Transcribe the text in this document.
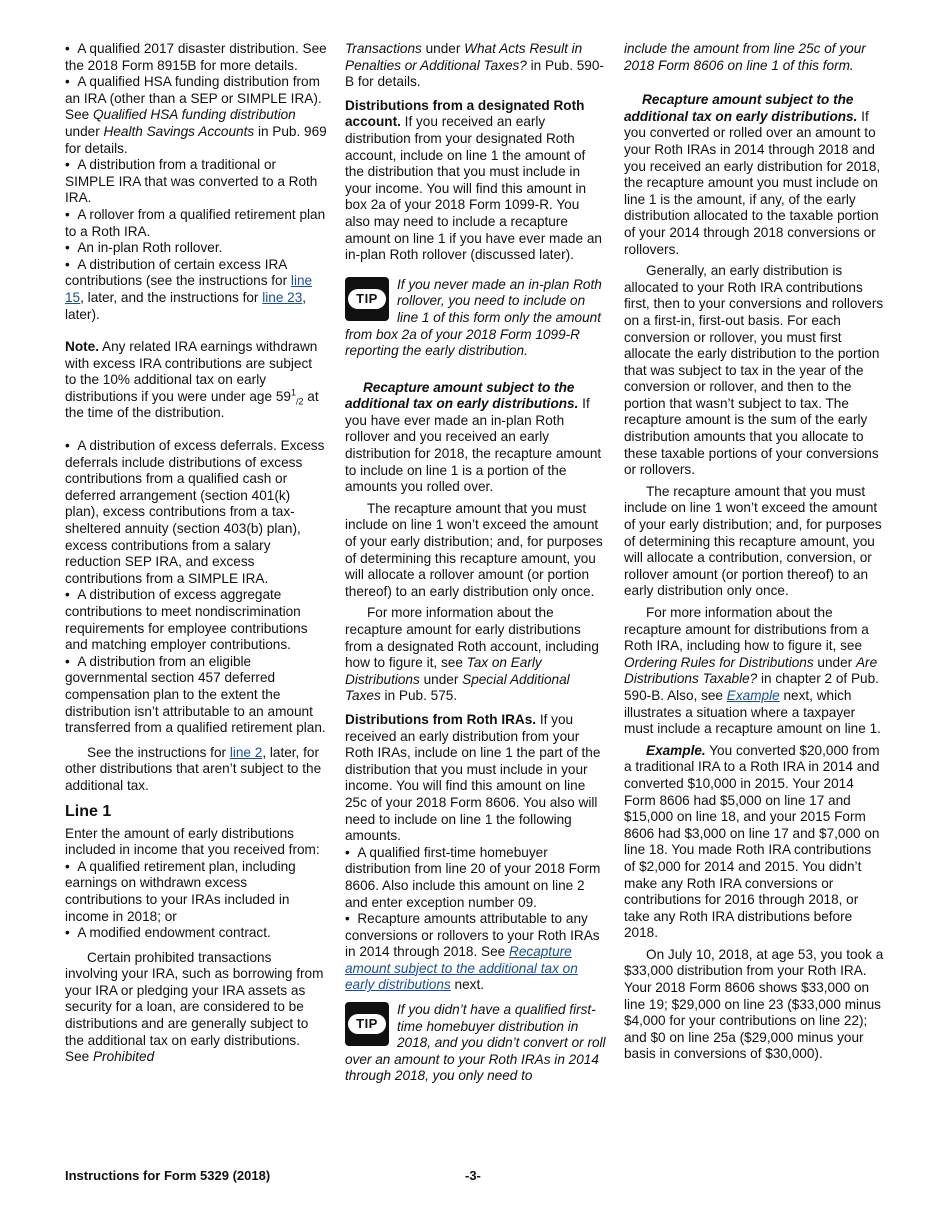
•  A qualified 2017 disaster distribution. See the 2018 Form 8915B for more details.

•  A qualified HSA funding distribution from an IRA (other than a SEP or SIMPLE IRA). See Qualified HSA funding distribution under Health Savings Accounts in Pub. 969 for details.

•  A distribution from a traditional or SIMPLE IRA that was converted to a Roth IRA.

•  A rollover from a qualified retirement plan to a Roth IRA.

•  An in-plan Roth rollover.

•  A distribution of certain excess IRA contributions (see the instructions for line 15, later, and the instructions for line 23, later).

Note. Any related IRA earnings withdrawn with excess IRA contributions are subject to the 10% additional tax on early distributions if you were under age $59^1_{/2}$ at the time of the distribution.

•  A distribution of excess deferrals. Excess deferrals include distributions of excess contributions from a qualified cash or deferred arrangement (section 401(k) plan), excess contributions from a tax-sheltered annuity (section 403(b) plan), excess contributions from a salary reduction SEP IRA, and excess contributions from a SIMPLE IRA.

•  A distribution of excess aggregate contributions to meet nondiscrimination requirements for employee contributions and matching employer contributions.

•  A distribution from an eligible governmental section 457 deferred compensation plan to the extent the distribution isn’t attributable to an amount transferred from a qualified retirement plan.

See the instructions for line 2, later, for other distributions that aren’t subject to the additional tax.

Line 1

Enter the amount of early distributions included in income that you received from:

•  A qualified retirement plan, including earnings on withdrawn excess contributions to your IRAs included in income in 2018; or

•  A modified endowment contract.

Certain prohibited transactions involving your IRA, such as borrowing from your IRA or pledging your IRA assets as security for a loan, are considered to be distributions and are generally subject to the additional tax on early distributions. See Prohibited

Transactions under What Acts Result in Penalties or Additional Taxes? in Pub. 590-B for details.

Distributions from a designated Roth account. If you received an early distribution from your designated Roth account, include on line 1 the amount of the distribution that you must include in your income. You will find this amount in box 2a of your 2018 Form 1099-R. You also may need to include a recapture amount on line 1 if you have ever made an in-plan Roth rollover (discussed later).

TIP

If you never made an in-plan Roth rollover, you need to include on line 1 of this form only the amount from box 2a of your 2018 Form 1099-R reporting the early distribution.

Recapture amount subject to the additional tax on early distributions. If you have ever made an in-plan Roth rollover and you received an early distribution for 2018, the recapture amount to include on line 1 is a portion of the amounts you rolled over.

The recapture amount that you must include on line 1 won’t exceed the amount of your early distribution; and, for purposes of determining this recapture amount, you will allocate a rollover amount (or portion thereof) to an early distribution only once.

For more information about the recapture amount for early distributions from a designated Roth account, including how to figure it, see Tax on Early Distributions under Special Additional Taxes in Pub. 575.

Distributions from Roth IRAs. If you received an early distribution from your Roth IRAs, include on line 1 the part of the distribution that you must include in your income. You will find this amount on line 25c of your 2018 Form 8606. You also will need to include on line 1 the following amounts.

•  A qualified first-time homebuyer distribution from line 20 of your 2018 Form 8606. Also include this amount on line 2 and enter exception number 09.

•  Recapture amounts attributable to any conversions or rollovers to your Roth IRAs in 2014 through 2018. See Recapture amount subject to the additional tax on early distributions next.

TIP

If you didn’t have a qualified first-time homebuyer distribution in 2018, and you didn’t convert or roll over an amount to your Roth IRAs in 2014 through 2018, you only need to

include the amount from line 25c of your 2018 Form 8606 on line 1 of this form.

Recapture amount subject to the additional tax on early distributions. If you converted or rolled over an amount to your Roth IRAs in 2014 through 2018 and you received an early distribution for 2018, the recapture amount you must include on line 1 is the amount, if any, of the early distribution allocated to the taxable portion of your 2014 through 2018 conversions or rollovers.

Generally, an early distribution is allocated to your Roth IRA contributions first, then to your conversions and rollovers on a first-in, first-out basis. For each conversion or rollover, you must first allocate the early distribution to the portion that was subject to tax in the year of the conversion or rollover, and then to the portion that wasn’t subject to tax. The recapture amount is the sum of the early distribution amounts that you allocate to these taxable portions of your conversions or rollovers.

The recapture amount that you must include on line 1 won’t exceed the amount of your early distribution; and, for purposes of determining this recapture amount, you will allocate a contribution, conversion, or rollover amount (or portion thereof) to an early distribution only once.

For more information about the recapture amount for distributions from a Roth IRA, including how to figure it, see Ordering Rules for Distributions under Are Distributions Taxable? in chapter 2 of Pub. 590-B. Also, see Example next, which illustrates a situation where a taxpayer must include a recapture amount on line 1.

Example. You converted $20,000 from a traditional IRA to a Roth IRA in 2014 and converted $10,000 in 2015. Your 2014 Form 8606 had $5,000 on line 17 and $15,000 on line 18, and your 2015 Form 8606 had $3,000 on line 17 and $7,000 on line 18. You made Roth IRA contributions of $2,000 for 2014 and 2015. You didn’t make any Roth IRA conversions or contributions for 2016 through 2018, or take any Roth IRA distributions before 2018.

On July 10, 2018, at age 53, you took a $33,000 distribution from your Roth IRA. Your 2018 Form 8606 shows $33,000 on line 19; $29,000 on line 23 ($33,000 minus $4,000 for your contributions on line 22); and $0 on line 25a ($29,000 minus your basis in conversions of $30,000).

Instructions for Form 5329 (2018)	-3-
